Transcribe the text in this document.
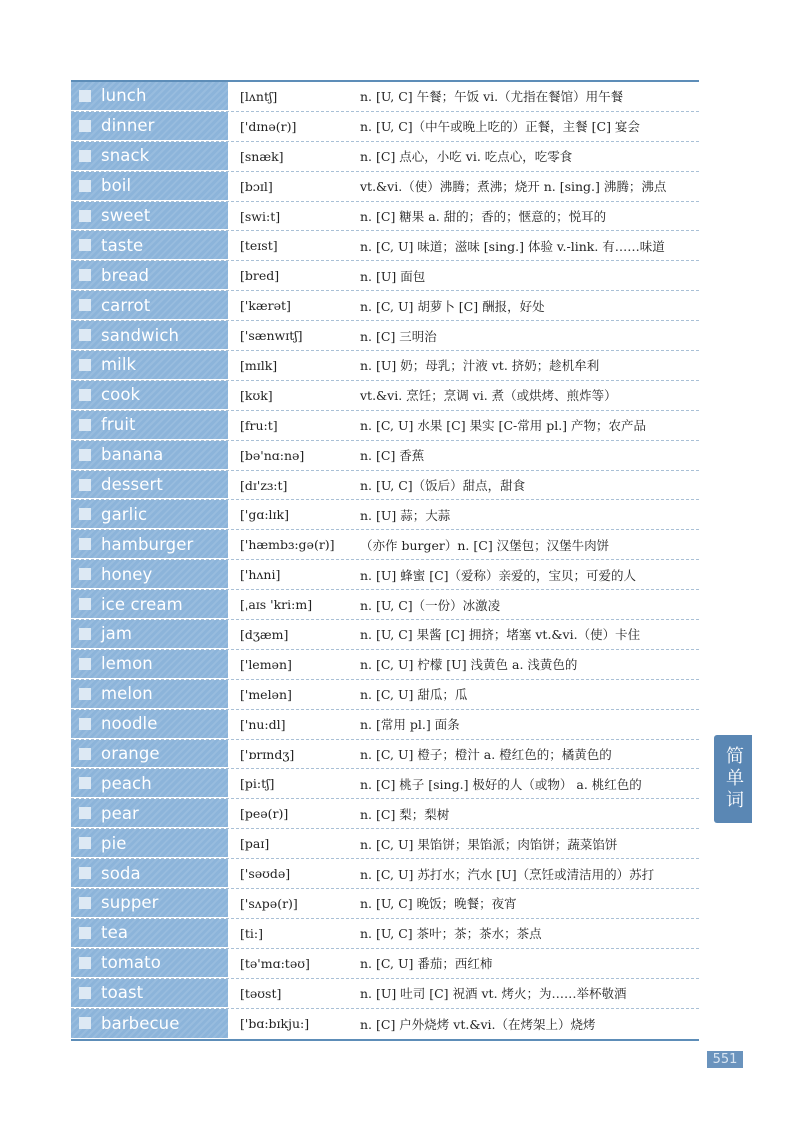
lunch	[lʌntʃ]	n. [U, C] 午餐；午饭 vi.（尤指在餐馆）用午餐
dinner	['dɪnə(r)]	n. [U, C]（中午或晚上吃的）正餐，主餐 [C] 宴会
snack	[snæk]	n. [C] 点心，小吃 vi. 吃点心，吃零食
boil	[bɔɪl]	vt.&vi.（使）沸腾；煮沸；烧开 n. [sing.] 沸腾；沸点
sweet	[swi:t]	n. [C] 糖果 a. 甜的；香的；惬意的；悦耳的
taste	[teɪst]	n. [C, U] 味道；滋味 [sing.] 体验 v.-link. 有……味道
bread	[bred]	n. [U] 面包
carrot	['kærət]	n. [C, U] 胡萝卜 [C] 酬报，好处
sandwich	['sænwɪtʃ]	n. [C] 三明治
milk	[mɪlk]	n. [U] 奶；母乳；汁液 vt. 挤奶；趁机牟利
cook	[kʊk]	vt.&vi. 烹饪；烹调 vi. 煮（或烘烤、煎炸等）
fruit	[fru:t]	n. [C, U] 水果 [C] 果实 [C-常用 pl.] 产物；农产品
banana	[bə'nɑ:nə]	n. [C] 香蕉
dessert	[dɪ'zɜ:t]	n. [U, C]（饭后）甜点，甜食
garlic	['gɑ:lɪk]	n. [U] 蒜；大蒜
hamburger	['hæmbɜ:gə(r)]	（亦作 burger）n. [C] 汉堡包；汉堡牛肉饼
honey	['hʌni]	n. [U] 蜂蜜 [C]（爱称）亲爱的，宝贝；可爱的人
ice cream	[ˌaɪs 'kri:m]	n. [U, C]（一份）冰激凌
jam	[dʒæm]	n. [U, C] 果酱 [C] 拥挤；堵塞 vt.&vi.（使）卡住
lemon	['lemən]	n. [C, U] 柠檬 [U] 浅黄色 a. 浅黄色的
melon	['melən]	n. [C, U] 甜瓜；瓜
noodle	['nu:dl]	n. [常用 pl.] 面条
orange	['ɒrɪndʒ]	n. [C, U] 橙子；橙汁 a. 橙红色的；橘黄色的
peach	[pi:tʃ]	n. [C] 桃子 [sing.] 极好的人（或物） a. 桃红色的
pear	[peə(r)]	n. [C] 梨；梨树
pie	[paɪ]	n. [C, U] 果馅饼；果馅派；肉馅饼；蔬菜馅饼
soda	['səʊdə]	n. [C, U] 苏打水；汽水 [U]（烹饪或清洁用的）苏打
supper	['sʌpə(r)]	n. [U, C] 晚饭；晚餐；夜宵
tea	[ti:]	n. [U, C] 茶叶；茶；茶水；茶点
tomato	[tə'mɑ:təʊ]	n. [C, U] 番茄；西红柿
toast	[təʊst]	n. [U] 吐司 [C] 祝酒 vt. 烤火；为……举杯敬酒
barbecue	['bɑ:bɪkju:]	n. [C] 户外烧烤 vt.&vi.（在烤架上）烧烤
简单词
551
